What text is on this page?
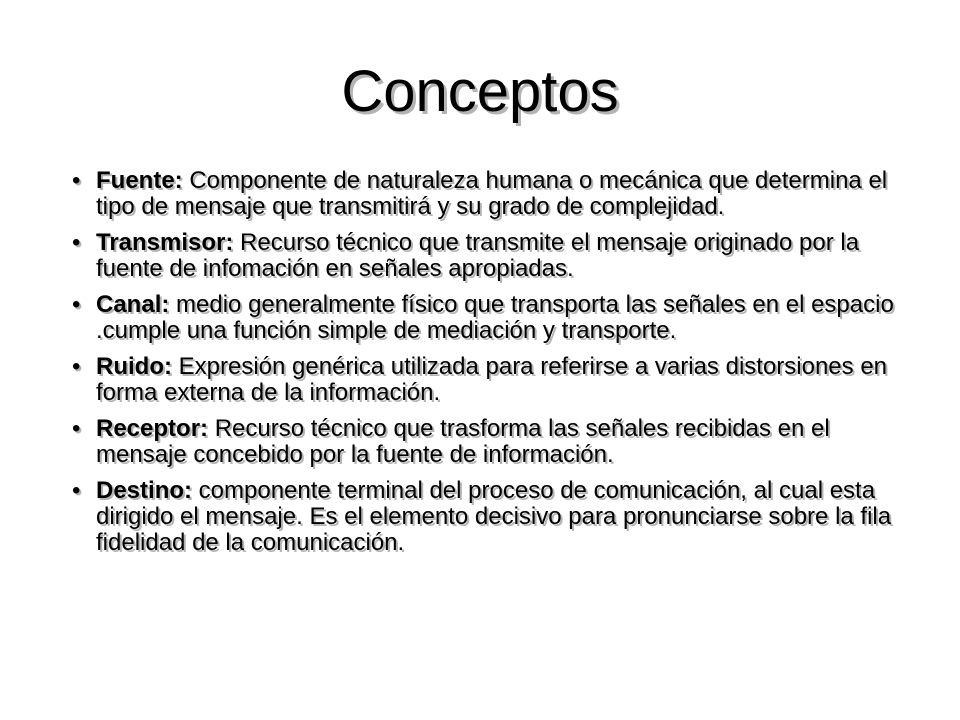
Conceptos
• Fuente: Componente de naturaleza humana o mecánica que determina el tipo de mensaje que transmitirá y su grado de complejidad.
• Transmisor: Recurso técnico que transmite el mensaje originado por la fuente de infomación en señales apropiadas.
• Canal: medio generalmente físico que transporta las señales en el espacio .cumple una función simple de mediación y transporte.
• Ruido: Expresión genérica utilizada para referirse a varias distorsiones en forma externa de la información.
• Receptor: Recurso técnico que trasforma las señales recibidas en el mensaje concebido por la fuente de información.
• Destino: componente terminal del proceso de comunicación, al cual esta dirigido el mensaje. Es el elemento decisivo para pronunciarse sobre la fila fidelidad de la comunicación.
